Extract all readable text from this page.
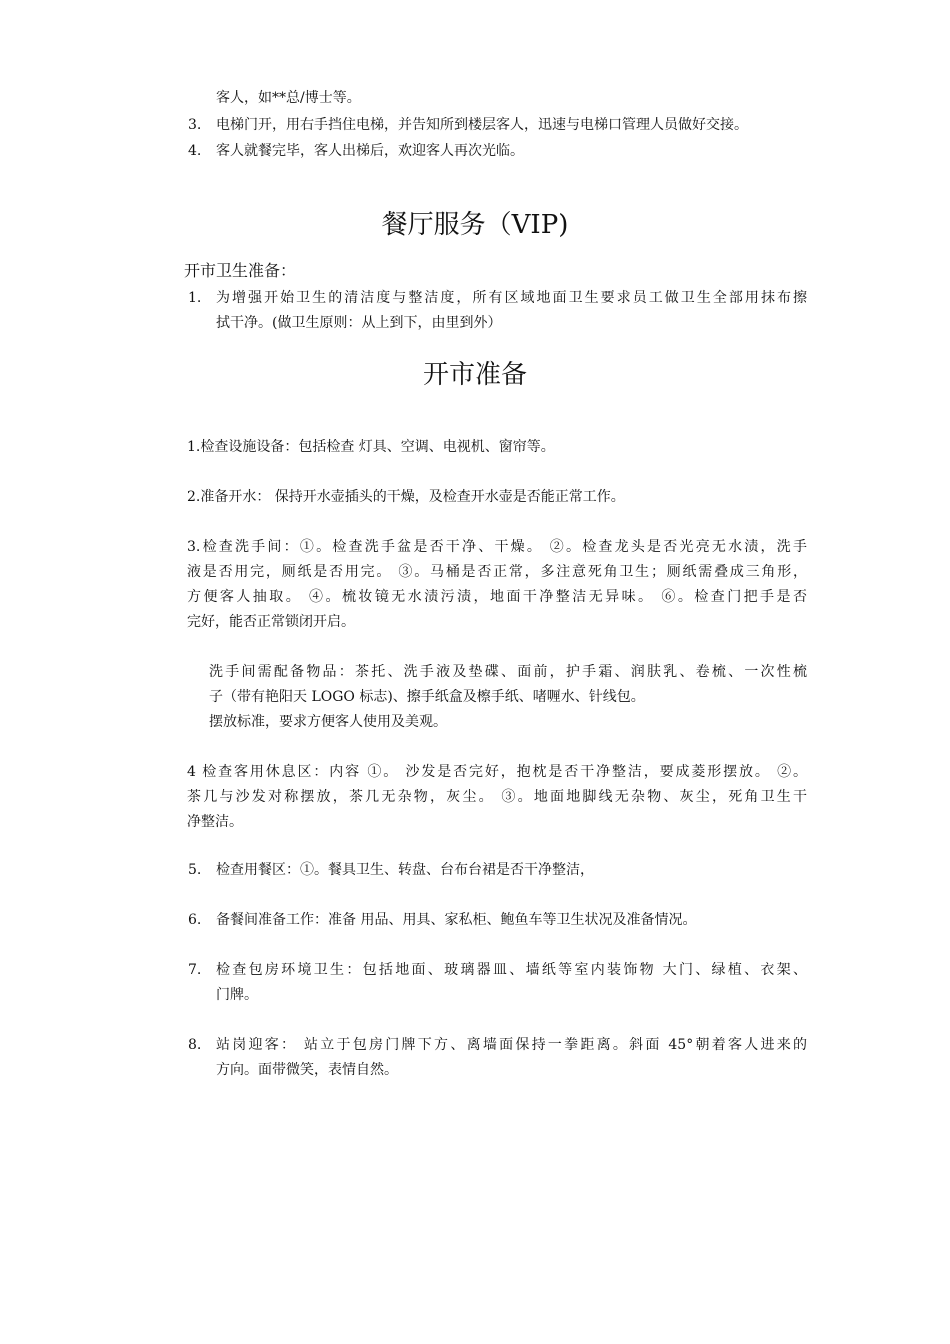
客人，如**总/博士等。
3. 电梯门开，用右手挡住电梯，并告知所到楼层客人，迅速与电梯口管理人员做好交接。
4. 客人就餐完毕，客人出梯后，欢迎客人再次光临。
餐厅服务（VIP)
开市卫生准备：
1. 为增强开始卫生的清洁度与整洁度，所有区域地面卫生要求员工做卫生全部用抹布擦
拭干净。(做卫生原则：从上到下，由里到外）
开市准备
1.检查设施设备：包括检查 灯具、空调、电视机、窗帘等。
2.准备开水： 保持开水壶插头的干燥，及检查开水壶是否能正常工作。
3.检查洗手间：①。检查洗手盆是否干净、干燥。 ②。检查龙头是否光亮无水渍，洗手
液是否用完，厕纸是否用完。 ③。马桶是否正常，多注意死角卫生；厕纸需叠成三角形，
方便客人抽取。 ④。梳妆镜无水渍污渍，地面干净整洁无异味。 ⑥。检查门把手是否
完好，能否正常锁闭开启。
洗手间需配备物品：茶托、洗手液及垫碟、面前，护手霜、润肤乳、卷梳、一次性梳
子（带有艳阳天 LOGO 标志)、擦手纸盒及檫手纸、啫喱水、针线包。
摆放标准，要求方便客人使用及美观。
4 检查客用休息区：内容 ①。 沙发是否完好，抱枕是否干净整洁，要成菱形摆放。 ②。
茶几与沙发对称摆放，茶几无杂物，灰尘。 ③。地面地脚线无杂物、灰尘，死角卫生干
净整洁。
5. 检查用餐区：①。餐具卫生、转盘、台布台裙是否干净整洁，
6. 备餐间准备工作：准备 用品、用具、家私柜、鲍鱼车等卫生状况及准备情况。
7. 检查包房环境卫生：包括地面、玻璃器皿、墙纸等室内装饰物 大门、绿植、衣架、
门牌。
8. 站岗迎客： 站立于包房门牌下方、离墙面保持一拳距离。斜面 45°朝着客人进来的
方向。面带微笑，表情自然。
